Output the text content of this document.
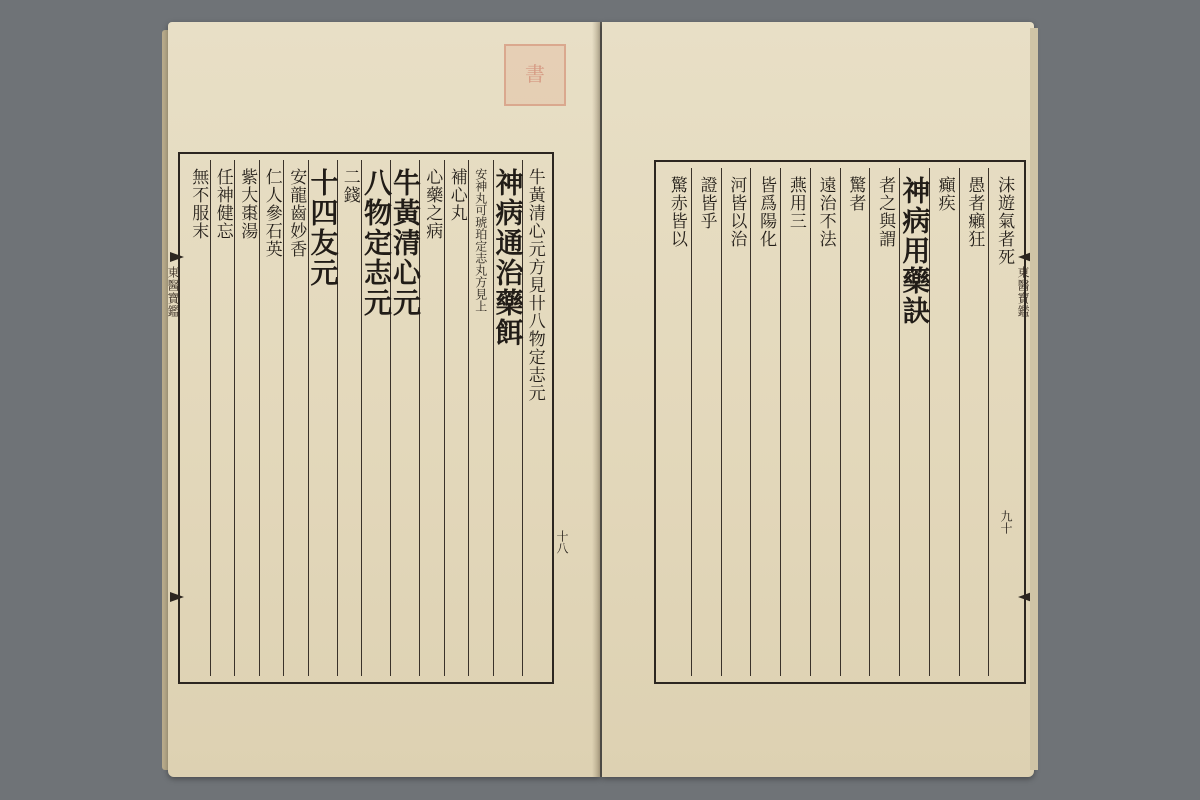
書
東醫寶鑑	牛黃清心元方見卄八物定志元
神病通治藥餌
安神丸可琥珀定志丸方見上
補心丸
心藥之病
牛黃清心元
八物定志元
二錢
十四友元
安龍齒妙香
仁人參石英
紫大棗湯
任神健忘
無不服末
十八
東醫寶鑑
沫遊氣者死
愚者癩狂
癲疾
神病用藥訣
者之與謂
驚者
遠治不法
燕用三
皆爲陽化
河皆以治
證皆乎
驚赤皆以
九十
